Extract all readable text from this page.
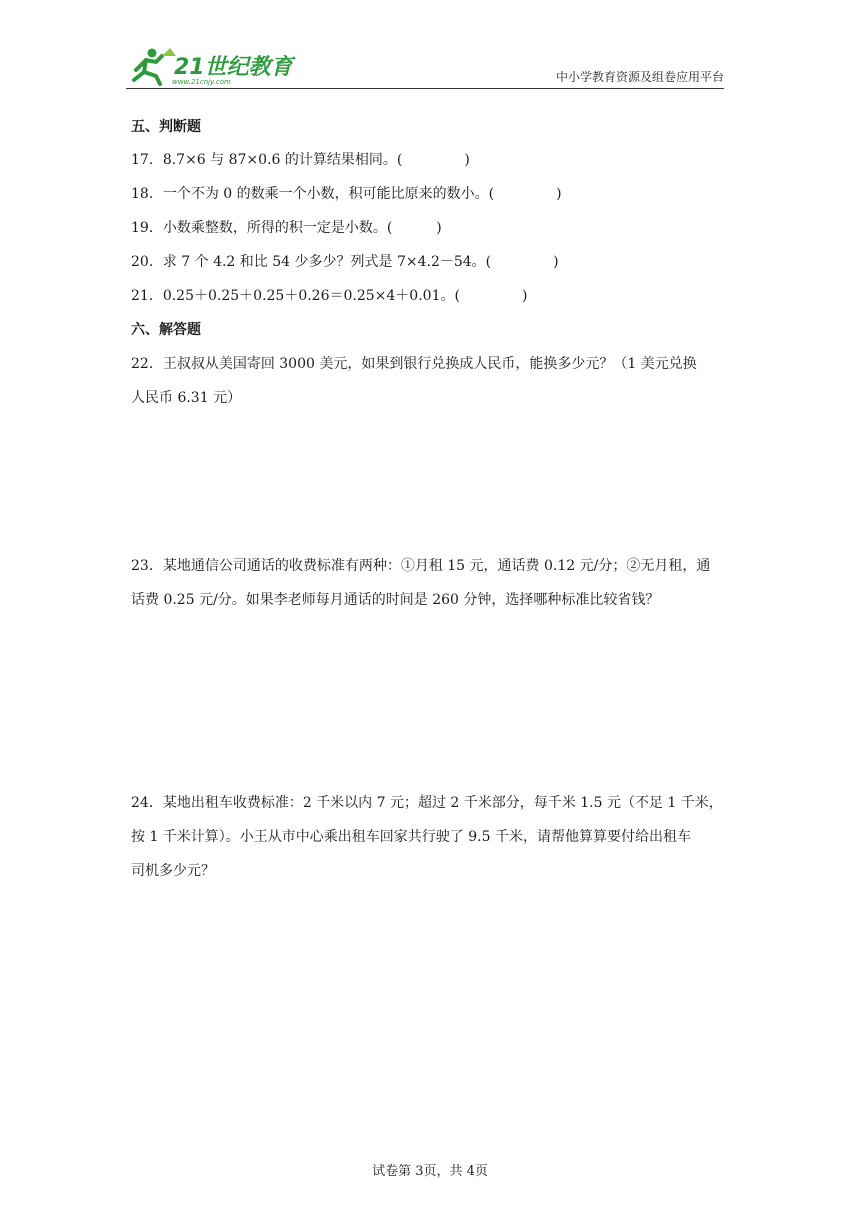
21世纪教育
www.21cnjy.com	中小学教育资源及组卷应用平台
五、判断题
17．8.7×6 与 87×0.6 的计算结果相同。(	)
18．一个不为 0 的数乘一个小数，积可能比原来的数小。(	)
19．小数乘整数，所得的积一定是小数。(	)
20．求 7 个 4.2 和比 54 少多少？列式是 7×4.2－54。(	)
21．0.25＋0.25＋0.25＋0.26＝0.25×4＋0.01。(	)
六、解答题
22．王叔叔从美国寄回 3000 美元，如果到银行兑换成人民币，能换多少元？（1 美元兑换
人民币 6.31 元）
23．某地通信公司通话的收费标准有两种：①月租 15 元，通话费 0.12 元/分；②无月租，通
话费 0.25 元/分。如果李老师每月通话的时间是 260 分钟，选择哪种标准比较省钱？
24．某地出租车收费标准：2 千米以内 7 元；超过 2 千米部分，每千米 1.5 元（不足 1 千米，
按 1 千米计算）。小王从市中心乘出租车回家共行驶了 9.5 千米，请帮他算算要付给出租车
司机多少元？
试卷第 3页，共 4页
